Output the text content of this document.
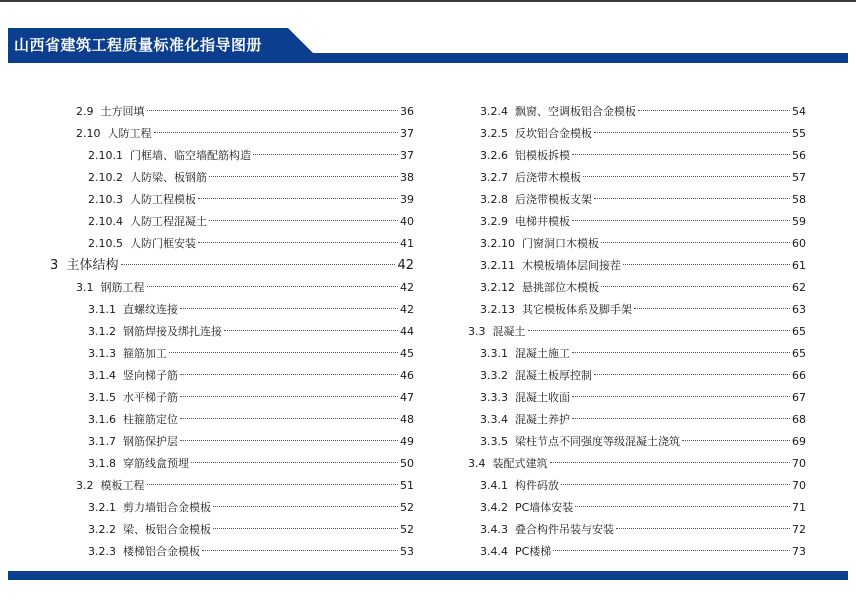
山西省建筑工程质量标准化指导图册
2.9 土方回填	36
2.10 人防工程	37
2.10.1 门框墙、临空墙配筋构造	37
2.10.2 人防梁、板钢筋	38
2.10.3 人防工程模板	39
2.10.4 人防工程混凝土	40
2.10.5 人防门框安装	41
3 主体结构	42
3.1 钢筋工程	42
3.1.1 直螺纹连接	42
3.1.2 钢筋焊接及绑扎连接	44
3.1.3 箍筋加工	45
3.1.4 竖向梯子筋	46
3.1.5 水平梯子筋	47
3.1.6 柱箍筋定位	48
3.1.7 钢筋保护层	49
3.1.8 穿筋线盒预埋	50
3.2 模板工程	51
3.2.1 剪力墙铝合金模板	52
3.2.2 梁、板铝合金模板	52
3.2.3 楼梯铝合金模板	53
3.2.4 飘窗、空调板铝合金模板	54
3.2.5 反坎铝合金模板	55
3.2.6 铝模板拆模	56
3.2.7 后浇带木模板	57
3.2.8 后浇带模板支架	58
3.2.9 电梯井模板	59
3.2.10 门窗洞口木模板	60
3.2.11 木模板墙体层间接茬	61
3.2.12 悬挑部位木模板	62
3.2.13 其它模板体系及脚手架	63
3.3 混凝土	65
3.3.1 混凝土施工	65
3.3.2 混凝土板厚控制	66
3.3.3 混凝土收面	67
3.3.4 混凝土养护	68
3.3.5 梁柱节点不同强度等级混凝土浇筑	69
3.4 装配式建筑	70
3.4.1 构件码放	70
3.4.2 PC墙体安装	71
3.4.3 叠合构件吊装与安装	72
3.4.4 PC楼梯	73
